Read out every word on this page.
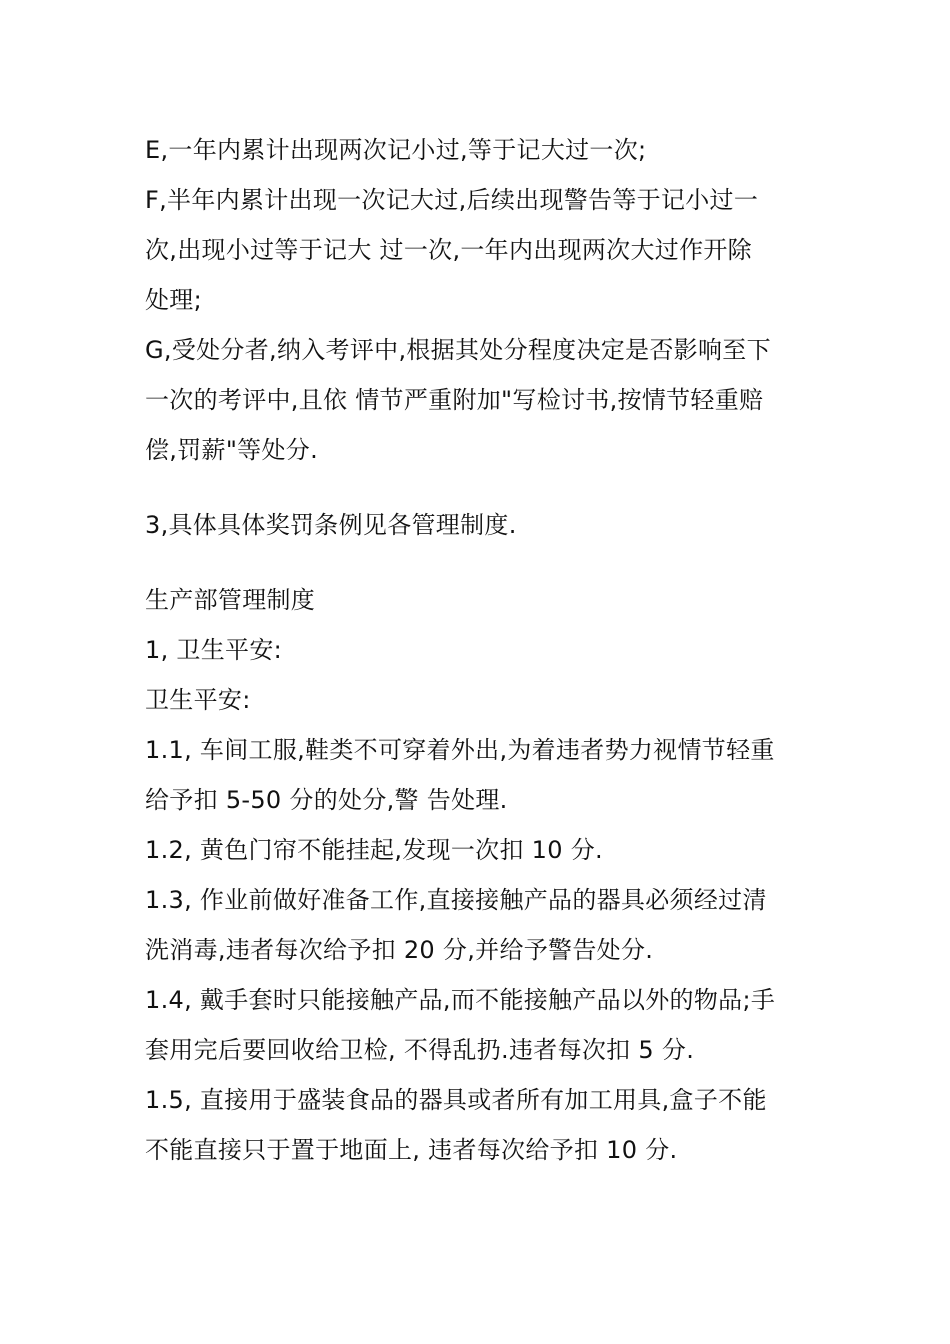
E,一年内累计出现两次记小过,等于记大过一次;
F,半年内累计出现一次记大过,后续出现警告等于记小过一
次,出现小过等于记大 过一次,一年内出现两次大过作开除
处理;
G,受处分者,纳入考评中,根据其处分程度决定是否影响至下
一次的考评中,且依 情节严重附加"写检讨书,按情节轻重赔
偿,罚薪"等处分.
3,具体具体奖罚条例见各管理制度.
生产部管理制度
1, 卫生平安:
卫生平安:
1.1, 车间工服,鞋类不可穿着外出,为着违者势力视情节轻重
给予扣 5-50 分的处分,警 告处理.
1.2, 黄色门帘不能挂起,发现一次扣 10 分.
1.3, 作业前做好准备工作,直接接触产品的器具必须经过清
洗消毒,违者每次给予扣 20 分,并给予警告处分.
1.4, 戴手套时只能接触产品,而不能接触产品以外的物品;手
套用完后要回收给卫检, 不得乱扔.违者每次扣 5 分.
1.5, 直接用于盛装食品的器具或者所有加工用具,盒子不能
不能直接只于置于地面上, 违者每次给予扣 10 分.
